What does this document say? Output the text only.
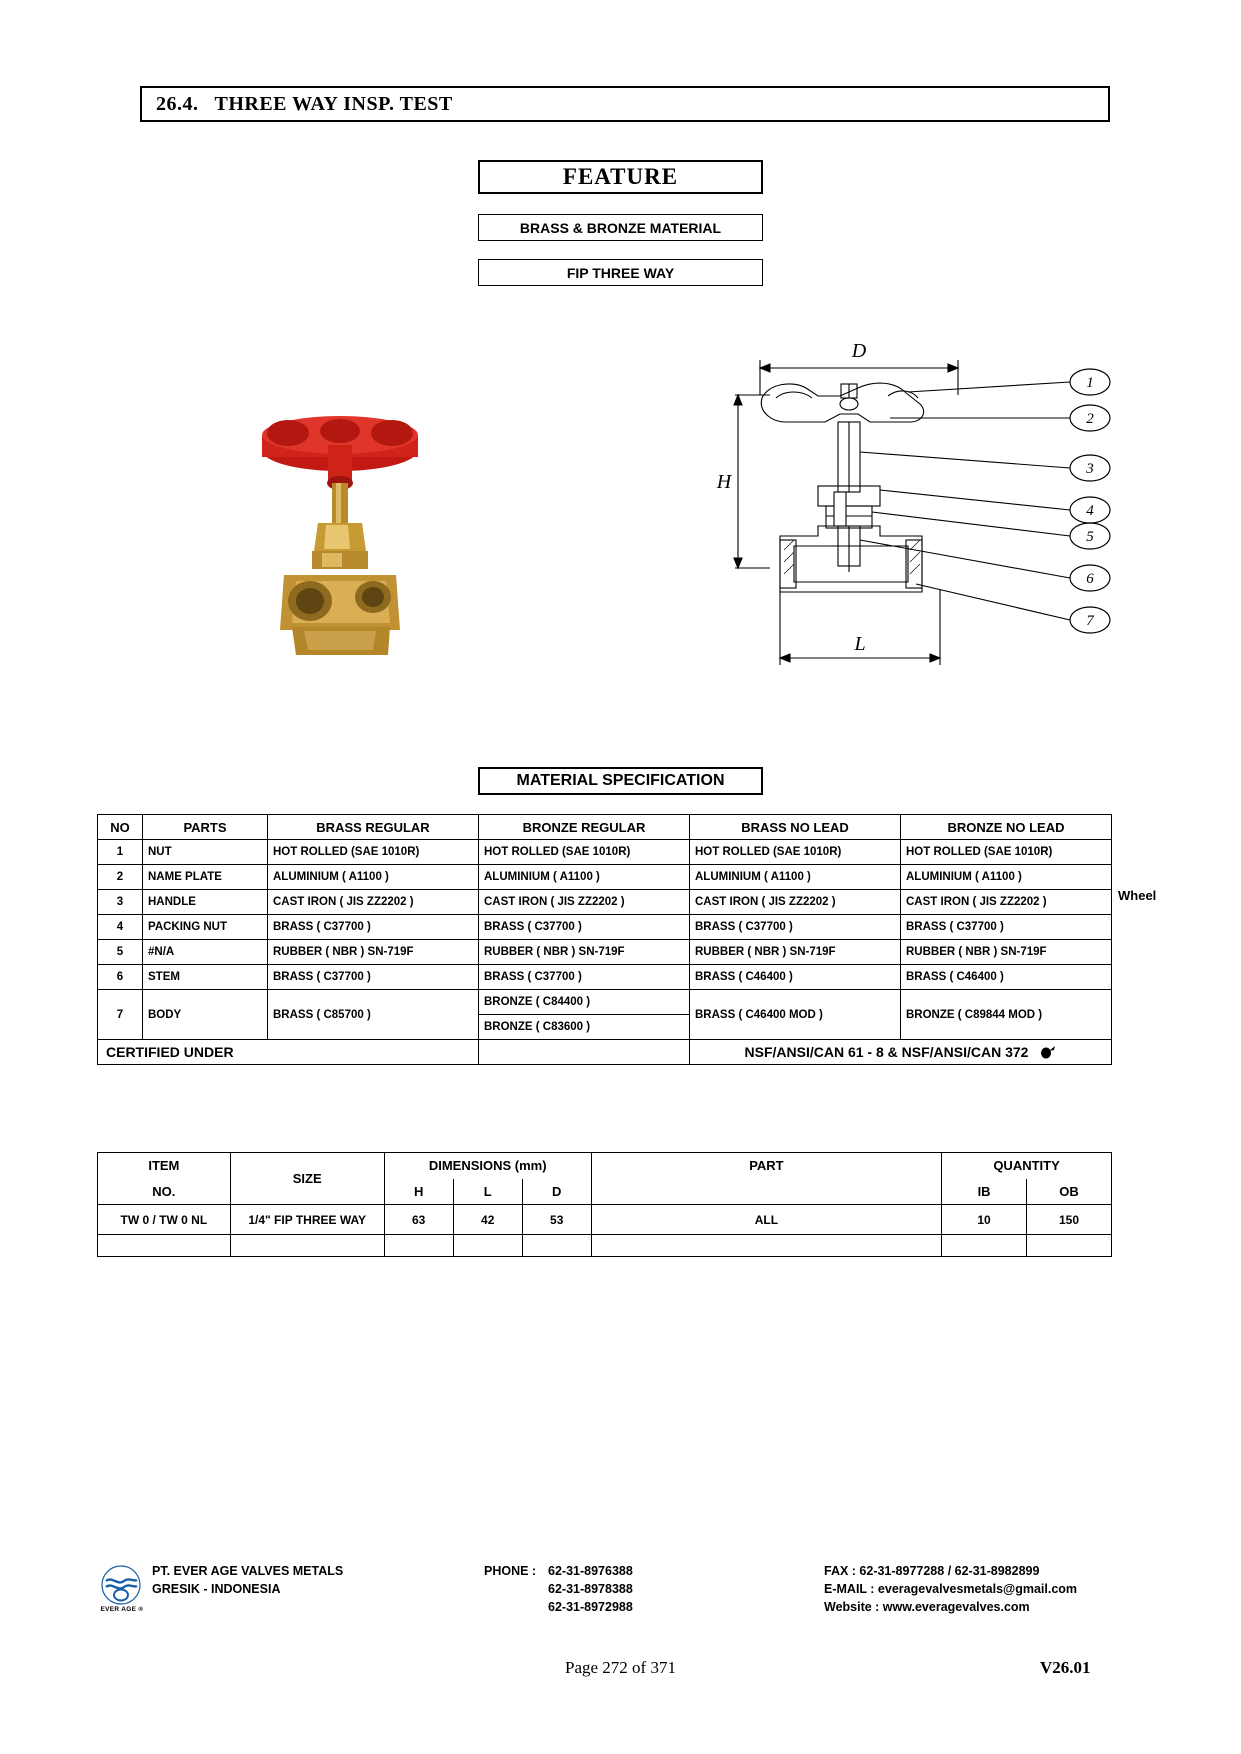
26.4. THREE WAY INSP. TEST
FEATURE
BRASS & BRONZE MATERIAL
FIP THREE WAY
1
2
3
4
5
6
7
D
H
L
MATERIAL SPECIFICATION
Wheel
NO	PARTS	BRASS REGULAR	BRONZE REGULAR	BRASS NO LEAD	BRONZE NO LEAD
1	NUT	HOT ROLLED (SAE 1010R)	HOT ROLLED (SAE 1010R)	HOT ROLLED (SAE 1010R)	HOT ROLLED (SAE 1010R)
2	NAME PLATE	ALUMINIUM ( A1100 )	ALUMINIUM ( A1100 )	ALUMINIUM ( A1100 )	ALUMINIUM ( A1100 )
3	HANDLE	CAST IRON ( JIS ZZ2202 )	CAST IRON ( JIS ZZ2202 )	CAST IRON ( JIS ZZ2202 )	CAST IRON ( JIS ZZ2202 )
4	PACKING NUT	BRASS ( C37700 )	BRASS ( C37700 )	BRASS ( C37700 )	BRASS ( C37700 )
5	#N/A	RUBBER ( NBR ) SN-719F	RUBBER ( NBR ) SN-719F	RUBBER ( NBR ) SN-719F	RUBBER ( NBR ) SN-719F
6	STEM	BRASS ( C37700 )	BRASS ( C37700 )	BRASS ( C46400 )	BRASS ( C46400 )
7	BODY	BRASS ( C85700 )	BRONZE ( C84400 )	BRASS ( C46400 MOD )	BRONZE ( C89844 MOD )
			BRONZE ( C83600 )		
CERTIFIED UNDER				NSF/ANSI/CAN 61 - 8 & NSF/ANSI/CAN 372	
ITEM	SIZE	DIMENSIONS (mm)			PART	QUANTITY	
NO.		H	L	D		IB	OB
TW 0 / TW 0 NL	1/4" FIP THREE WAY	63	42	53	ALL	10	150

EVER AGE ®
PT. EVER AGE VALVES METALS
GRESIK - INDONESIA
PHONE : 62-31-8976388
62-31-8978388
62-31-8972988
FAX : 62-31-8977288 / 62-31-8982899
E-MAIL : everagevalvesmetals@gmail.com
Website : www.everagevalves.com
Page 272 of 371	V26.01
